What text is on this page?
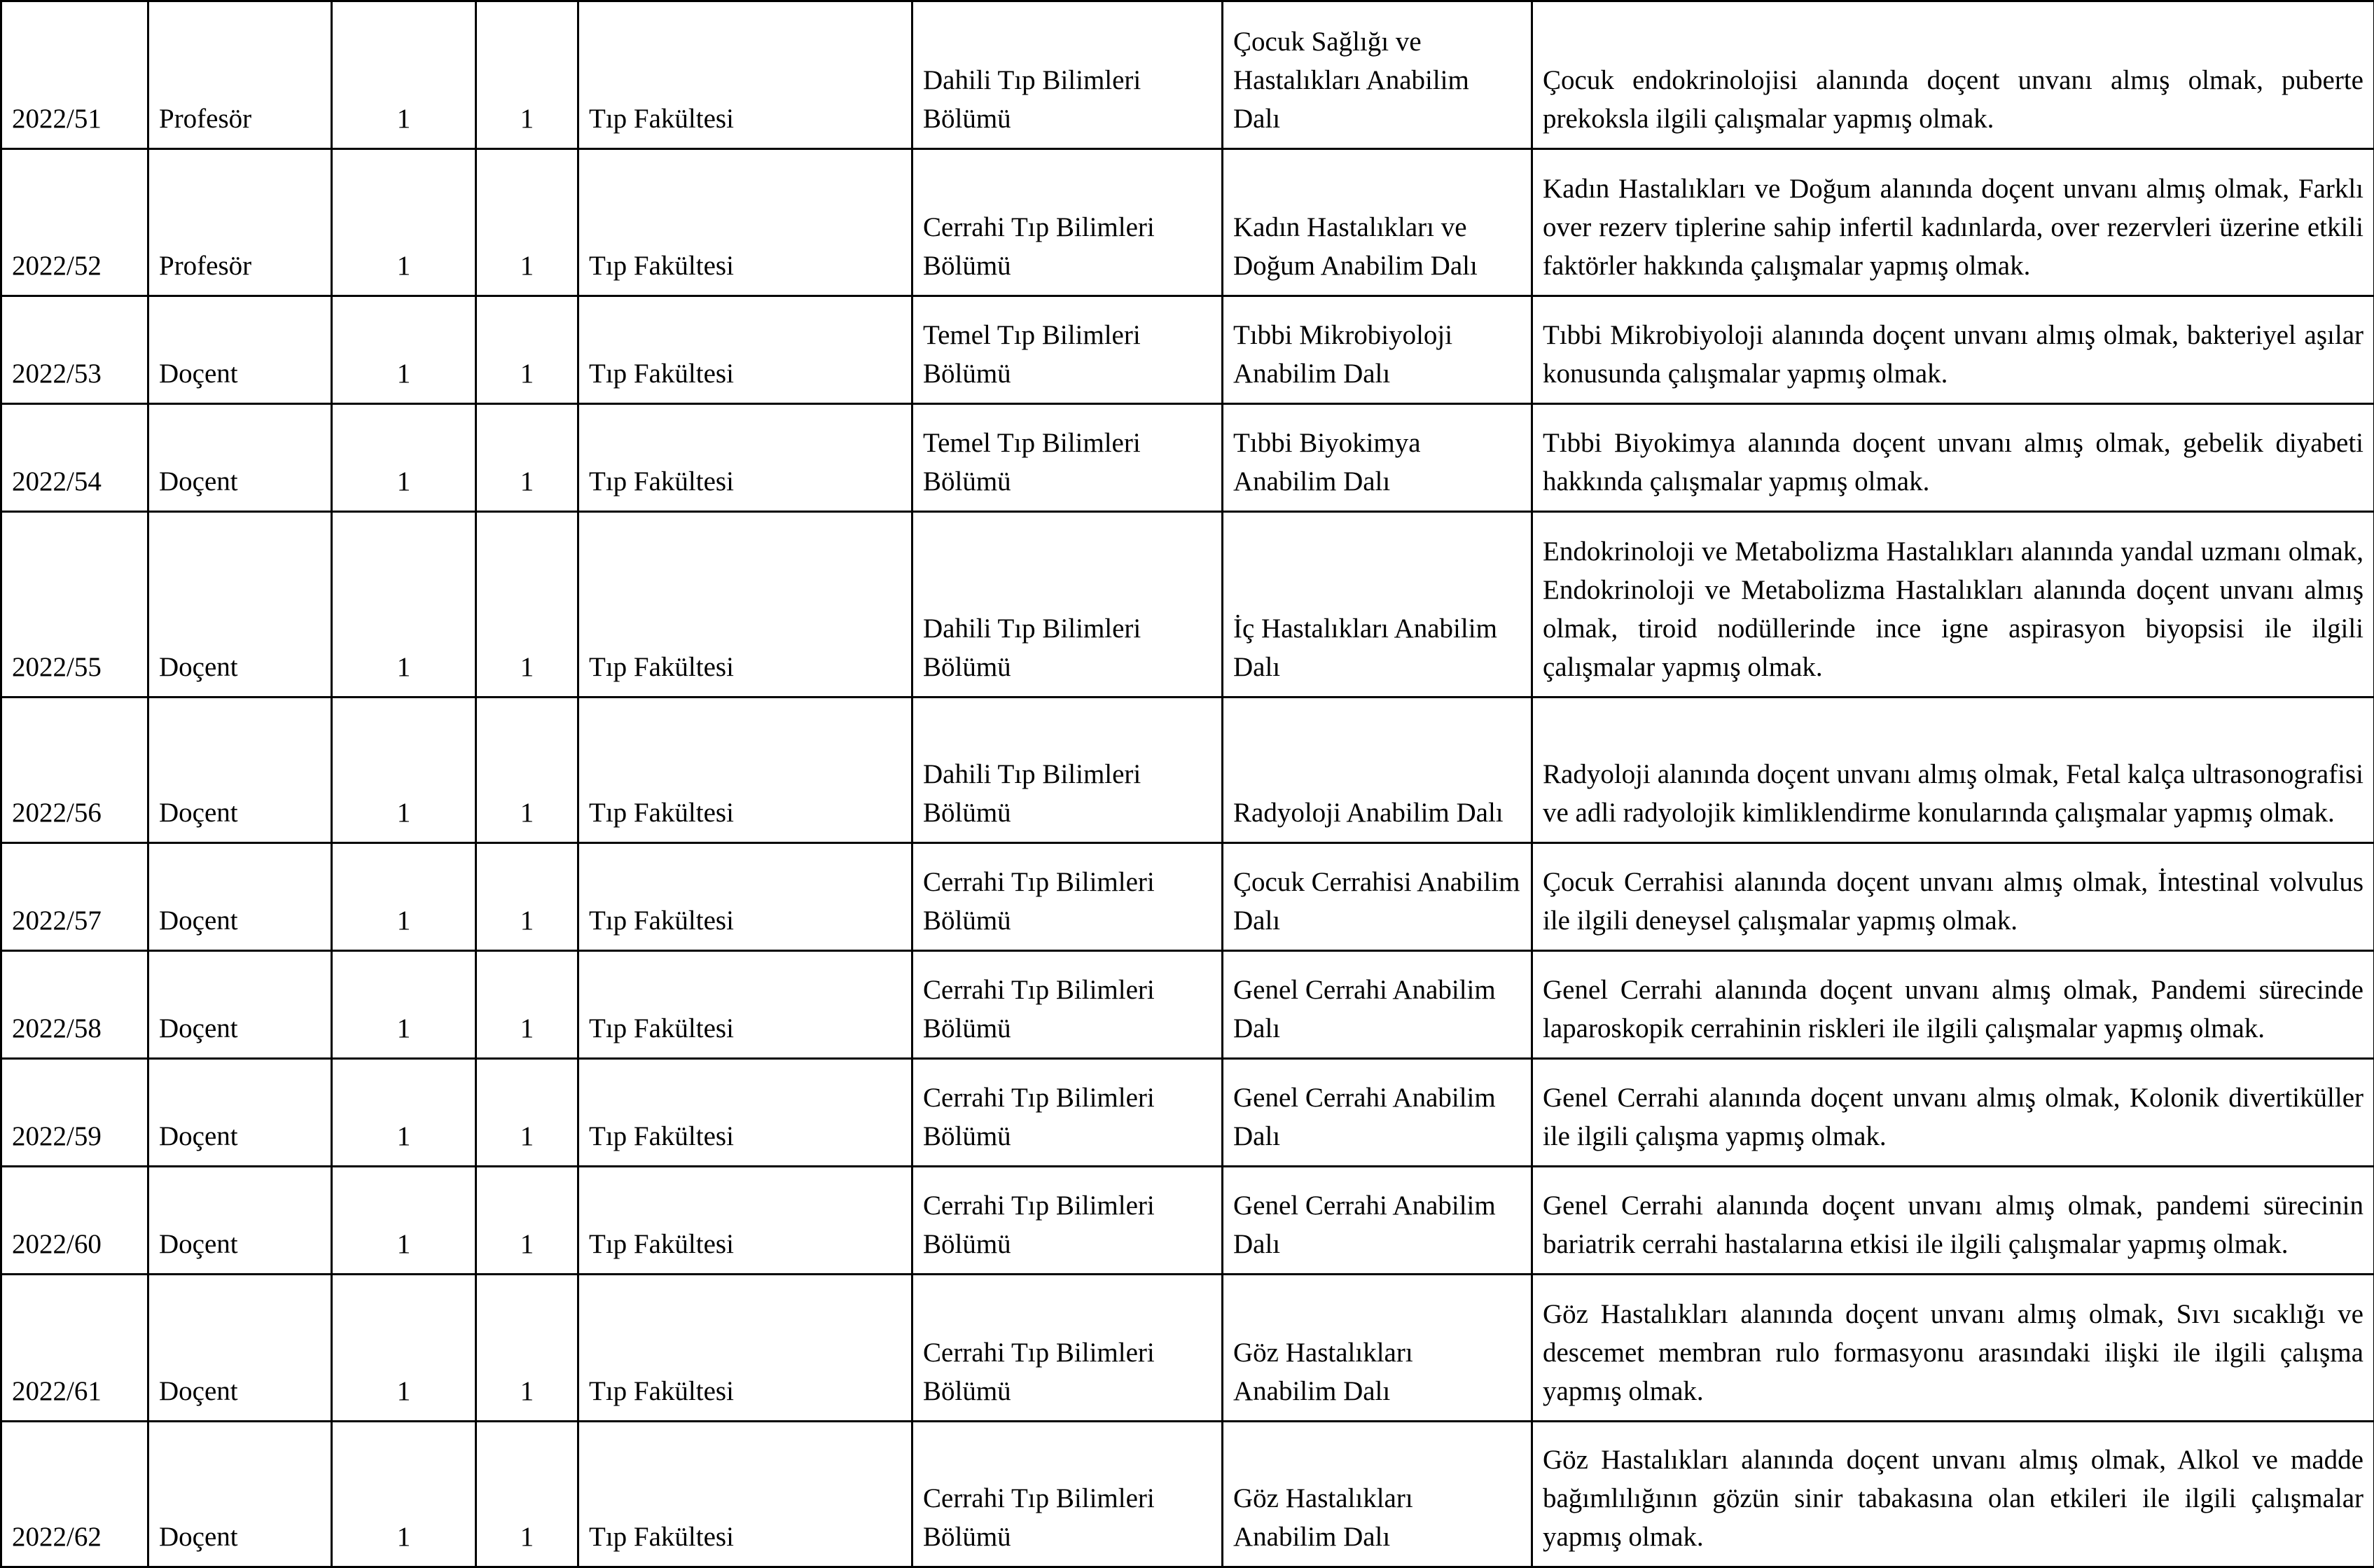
2022/51	Profesör	1	1	Tıp Fakültesi	Dahili Tıp Bilimleri Bölümü	Çocuk Sağlığı ve Hastalıkları Anabilim Dalı	Çocuk endokrinolojisi alanında doçent unvanı almış olmak, puberte prekoksla ilgili çalışmalar yapmış olmak.
2022/52	Profesör	1	1	Tıp Fakültesi	Cerrahi Tıp Bilimleri Bölümü	Kadın Hastalıkları ve Doğum Anabilim Dalı	Kadın Hastalıkları ve Doğum alanında doçent unvanı almış olmak, Farklı over rezerv tiplerine sahip infertil kadınlarda, over rezervleri üzerine etkili faktörler hakkında çalışmalar yapmış olmak.
2022/53	Doçent	1	1	Tıp Fakültesi	Temel Tıp Bilimleri Bölümü	Tıbbi Mikrobiyoloji Anabilim Dalı	Tıbbi Mikrobiyoloji alanında doçent unvanı almış olmak, bakteriyel aşılar konusunda çalışmalar yapmış olmak.
2022/54	Doçent	1	1	Tıp Fakültesi	Temel Tıp Bilimleri Bölümü	Tıbbi Biyokimya Anabilim Dalı	Tıbbi Biyokimya alanında doçent unvanı almış olmak, gebelik diyabeti hakkında çalışmalar yapmış olmak.
2022/55	Doçent	1	1	Tıp Fakültesi	Dahili Tıp Bilimleri Bölümü	İç Hastalıkları Anabilim Dalı	Endokrinoloji ve Metabolizma Hastalıkları alanında yandal uzmanı olmak, Endokrinoloji ve Metabolizma Hastalıkları alanında doçent unvanı almış olmak, tiroid nodüllerinde ince igne aspirasyon biyopsisi ile ilgili çalışmalar yapmış olmak.
2022/56	Doçent	1	1	Tıp Fakültesi	Dahili Tıp Bilimleri Bölümü	Radyoloji Anabilim Dalı	Radyoloji alanında doçent unvanı almış olmak, Fetal kalça ultrasonografisi ve adli radyolojik kimliklendirme konularında çalışmalar yapmış olmak.
2022/57	Doçent	1	1	Tıp Fakültesi	Cerrahi Tıp Bilimleri Bölümü	Çocuk Cerrahisi Anabilim Dalı	Çocuk Cerrahisi alanında doçent unvanı almış olmak, İntestinal volvulus ile ilgili deneysel çalışmalar yapmış olmak.
2022/58	Doçent	1	1	Tıp Fakültesi	Cerrahi Tıp Bilimleri Bölümü	Genel Cerrahi Anabilim Dalı	Genel Cerrahi alanında doçent unvanı almış olmak, Pandemi sürecinde laparoskopik cerrahinin riskleri ile ilgili çalışmalar yapmış olmak.
2022/59	Doçent	1	1	Tıp Fakültesi	Cerrahi Tıp Bilimleri Bölümü	Genel Cerrahi Anabilim Dalı	Genel Cerrahi alanında doçent unvanı almış olmak, Kolonik divertiküller ile ilgili çalışma yapmış olmak.
2022/60	Doçent	1	1	Tıp Fakültesi	Cerrahi Tıp Bilimleri Bölümü	Genel Cerrahi Anabilim Dalı	Genel Cerrahi alanında doçent unvanı almış olmak, pandemi sürecinin bariatrik cerrahi hastalarına etkisi ile ilgili çalışmalar yapmış olmak.
2022/61	Doçent	1	1	Tıp Fakültesi	Cerrahi Tıp Bilimleri Bölümü	Göz Hastalıkları Anabilim Dalı	Göz Hastalıkları alanında doçent unvanı almış olmak, Sıvı sıcaklığı ve descemet membran rulo formasyonu arasındaki ilişki ile ilgili çalışma yapmış olmak.
2022/62	Doçent	1	1	Tıp Fakültesi	Cerrahi Tıp Bilimleri Bölümü	Göz Hastalıkları Anabilim Dalı	Göz Hastalıkları alanında doçent unvanı almış olmak, Alkol ve madde bağımlılığının gözün sinir tabakasına olan etkileri ile ilgili çalışmalar yapmış olmak.
